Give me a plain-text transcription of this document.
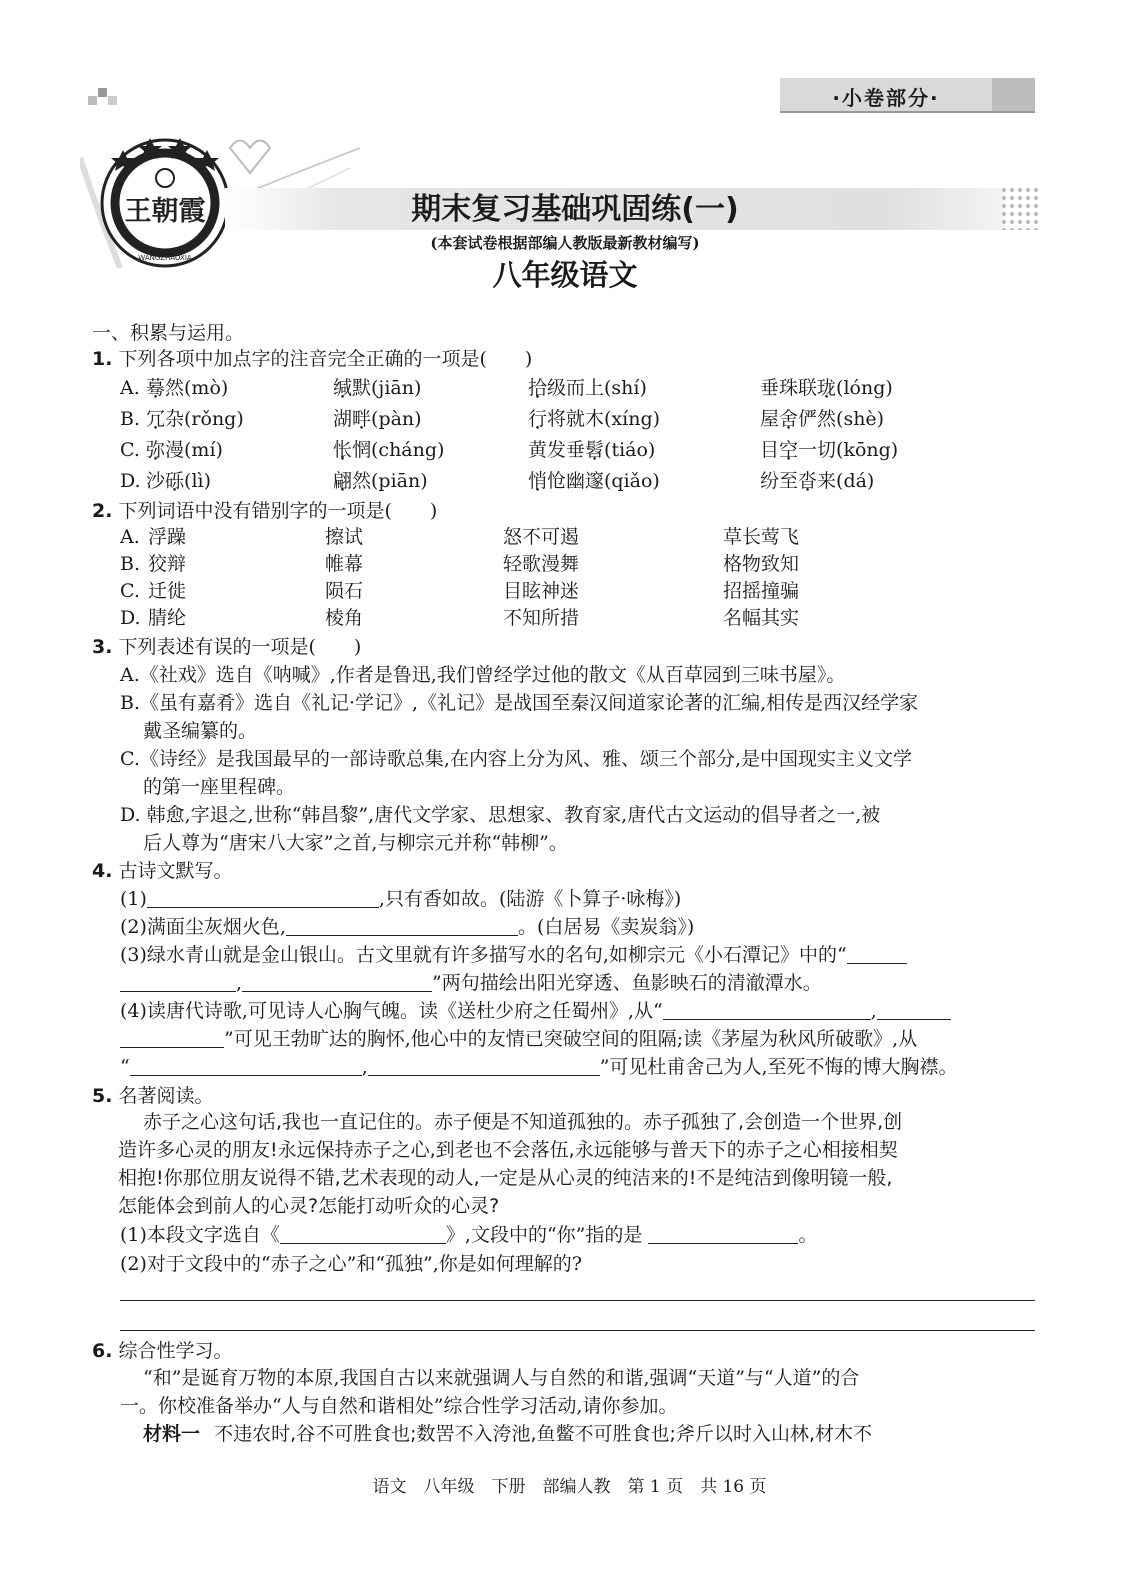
·小卷部分·
王朝霞
WANGZHAOXIA
期末复习基础巩固练(一)
(本套试卷根据部编人教版最新教材编写)
八年级语文
一、积累与运用。
1. 下列各项中加点字的注音完全正确的一项是(　　)
A. 蓦然(mò)	缄默(jiān)	拾级而上(shí)	垂珠联珑(lóng)
B. 冗杂(rǒng)	湖畔(pàn)	行将就木(xíng)	屋舍俨然(shè)
C. 弥漫(mí)	怅惘(cháng)	黄发垂髫(tiáo)	目空一切(kōng)
D. 沙砾(lì)	翩然(piān)	悄怆幽邃(qiǎo)	纷至沓来(dá)
2. 下列词语中没有错别字的一项是(　　)
A. 浮躁	擦试	怒不可遏	草长莺飞
B. 狡辩	帷幕	轻歌漫舞	格物致知
C. 迁徙	陨石	目眩神迷	招摇撞骗
D. 腈纶	棱角	不知所措	名幅其实
3. 下列表述有误的一项是(　　)
A.《社戏》选自《呐喊》,作者是鲁迅,我们曾经学过他的散文《从百草园到三味书屋》。
B.《虽有嘉肴》选自《礼记·学记》,《礼记》是战国至秦汉间道家论著的汇编,相传是西汉经学家
戴圣编纂的。
C.《诗经》是我国最早的一部诗歌总集,在内容上分为风、雅、颂三个部分,是中国现实主义文学
的第一座里程碑。
D. 韩愈,字退之,世称“韩昌黎”,唐代文学家、思想家、教育家,唐代古文运动的倡导者之一,被
后人尊为“唐宋八大家”之首,与柳宗元并称“韩柳”。
4. 古诗文默写。
(1)	,只有香如故。(陆游《卜算子·咏梅》)
(2)满面尘灰烟火色,	。(白居易《卖炭翁》)
(3)绿水青山就是金山银山。古文里就有许多描写水的名句,如柳宗元《小石潭记》中的“
,	”两句描绘出阳光穿透、鱼影映石的清澈潭水。
(4)读唐代诗歌,可见诗人心胸气魄。读《送杜少府之任蜀州》,从“	,
”可见王勃旷达的胸怀,他心中的友情已突破空间的阻隔;读《茅屋为秋风所破歌》,从
“	,	”可见杜甫舍己为人,至死不悔的博大胸襟。
5. 名著阅读。
赤子之心这句话,我也一直记住的。赤子便是不知道孤独的。赤子孤独了,会创造一个世界,创
造许多心灵的朋友!永远保持赤子之心,到老也不会落伍,永远能够与普天下的赤子之心相接相契
相抱!你那位朋友说得不错,艺术表现的动人,一定是从心灵的纯洁来的!不是纯洁到像明镜一般,
怎能体会到前人的心灵?怎能打动听众的心灵?
(1)本段文字选自《	》,文段中的“你”指的是	。
(2)对于文段中的“赤子之心”和“孤独”,你是如何理解的?
6. 综合性学习。
“和”是诞育万物的本原,我国自古以来就强调人与自然的和谐,强调“天道”与“人道”的合
一。你校准备举办“人与自然和谐相处”综合性学习活动,请你参加。
材料一 不违农时,谷不可胜食也;数罟不入洿池,鱼鳖不可胜食也;斧斤以时入山林,材木不
语文　八年级　下册　部编人教　第 1 页　共 16 页
